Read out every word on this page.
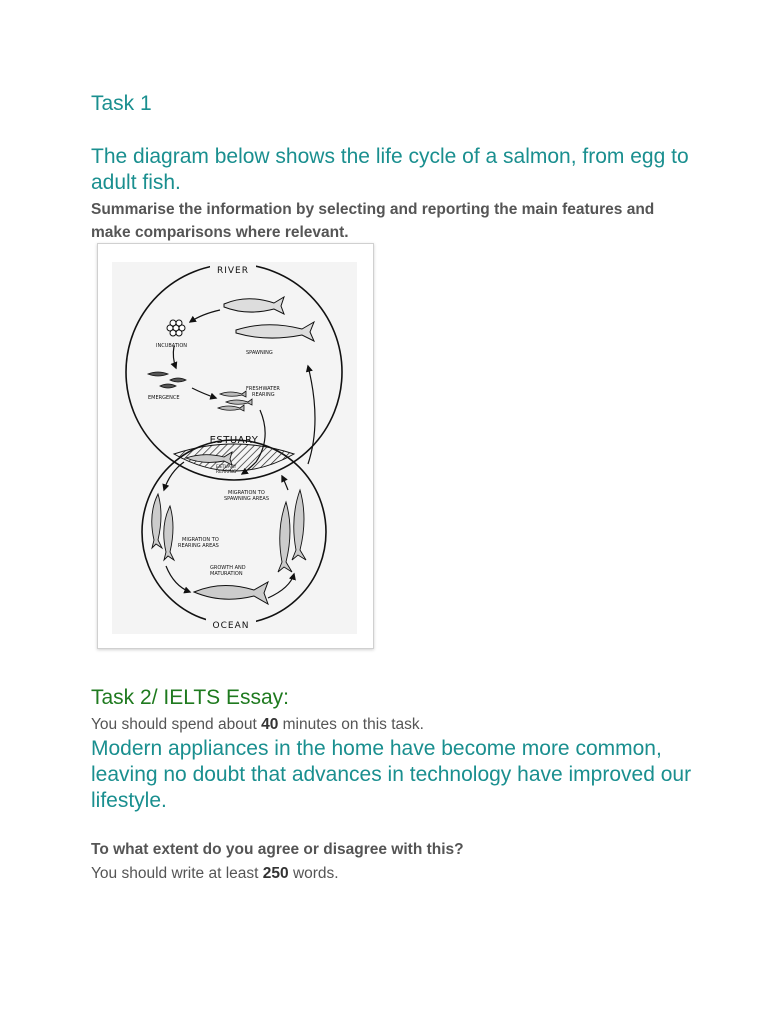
Task 1
The diagram below shows the life cycle of a salmon, from egg to adult fish.
Summarise the information by selecting and reporting the main features and make comparisons where relevant.
RIVER
OCEAN
INCUBATION
SPAWNING
EMERGENCE
FRESHWATER
REARING
ESTUARY
ESTUARY
REARING
MIGRATION TO
SPAWNING AREAS
MIGRATION TO
REARING AREAS
GROWTH AND
MATURATION
Task 2/ IELTS Essay:
You should spend about 40 minutes on this task.
Modern appliances in the home have become more common, leaving no doubt that advances in technology have improved our lifestyle.
To what extent do you agree or disagree with this?
You should write at least 250 words.
